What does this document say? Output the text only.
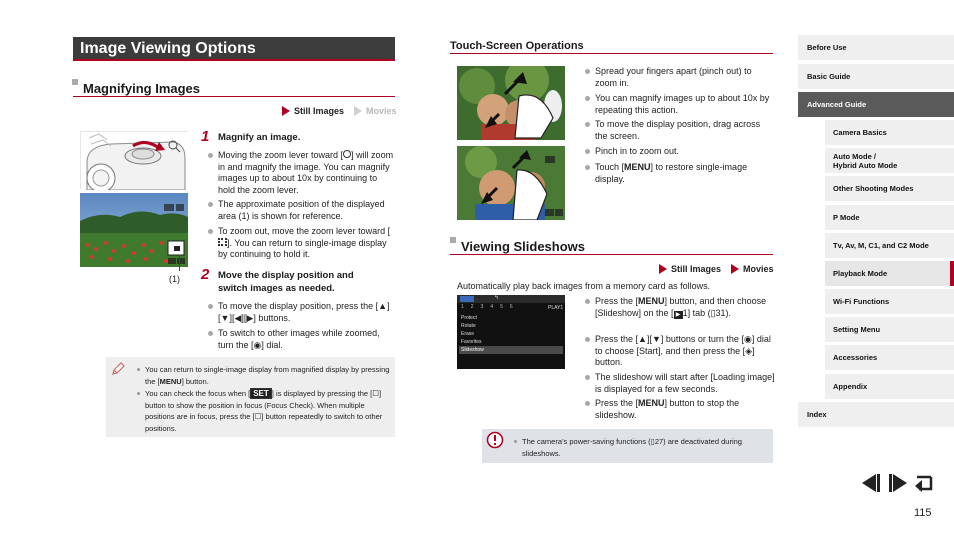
Image Viewing Options
Magnifying Images
Still Images Movies
(1)
1 Magnify an image.
Moving the zoom lever toward [ ] will zoom in and magnify the image. You can magnify images up to about 10x by continuing to hold the zoom lever.
The approximate position of the displayed area (1) is shown for reference.
To zoom out, move the zoom lever toward []. You can return to single-image display by continuing to hold it.
2 Move the display position and
switch images as needed.
To move the display position, press the [▲][▼][◀][▶] buttons.
To switch to other images while zoomed, turn the [◉] dial.
You can return to single-image display from magnified display by pressing the [MENU] button.
You can check the focus when [ SET ] is displayed by pressing the [☐] button to show the position in focus (Focus Check). When multiple positions are in focus, press the [☐] button repeatedly to switch to other positions.
Touch-Screen Operations
Spread your fingers apart (pinch out) to zoom in.
You can magnify images up to about 10x by repeating this action.
To move the display position, drag across the screen.
Pinch in to zoom out.
Touch [MENU] to restore single-image display.
Viewing Slideshows
Still Images Movies
Automatically play back images from a memory card as follows.
ϟ
1 2 3 4 5 6	PLAY1
Protect
Rotate
Erase
Favorites
Slideshow
Press the [MENU] button, and then choose [Slideshow] on the [ ▶ 1] tab (▯31).
Press the [▲][▼] buttons or turn the [◉] dial to choose [Start], and then press the [◈] button.
The slideshow will start after [Loading image] is displayed for a few seconds.
Press the [MENU] button to stop the slideshow.
The camera’s power-saving functions (▯27) are deactivated during slideshows.
Before Use
Basic Guide
Advanced Guide
Camera Basics
Auto Mode /
Hybrid Auto Mode
Other Shooting Modes
P Mode
Tv, Av, M, C1, and C2 Mode
Playback Mode
Wi-Fi Functions
Setting Menu
Accessories
Appendix
Index
115
